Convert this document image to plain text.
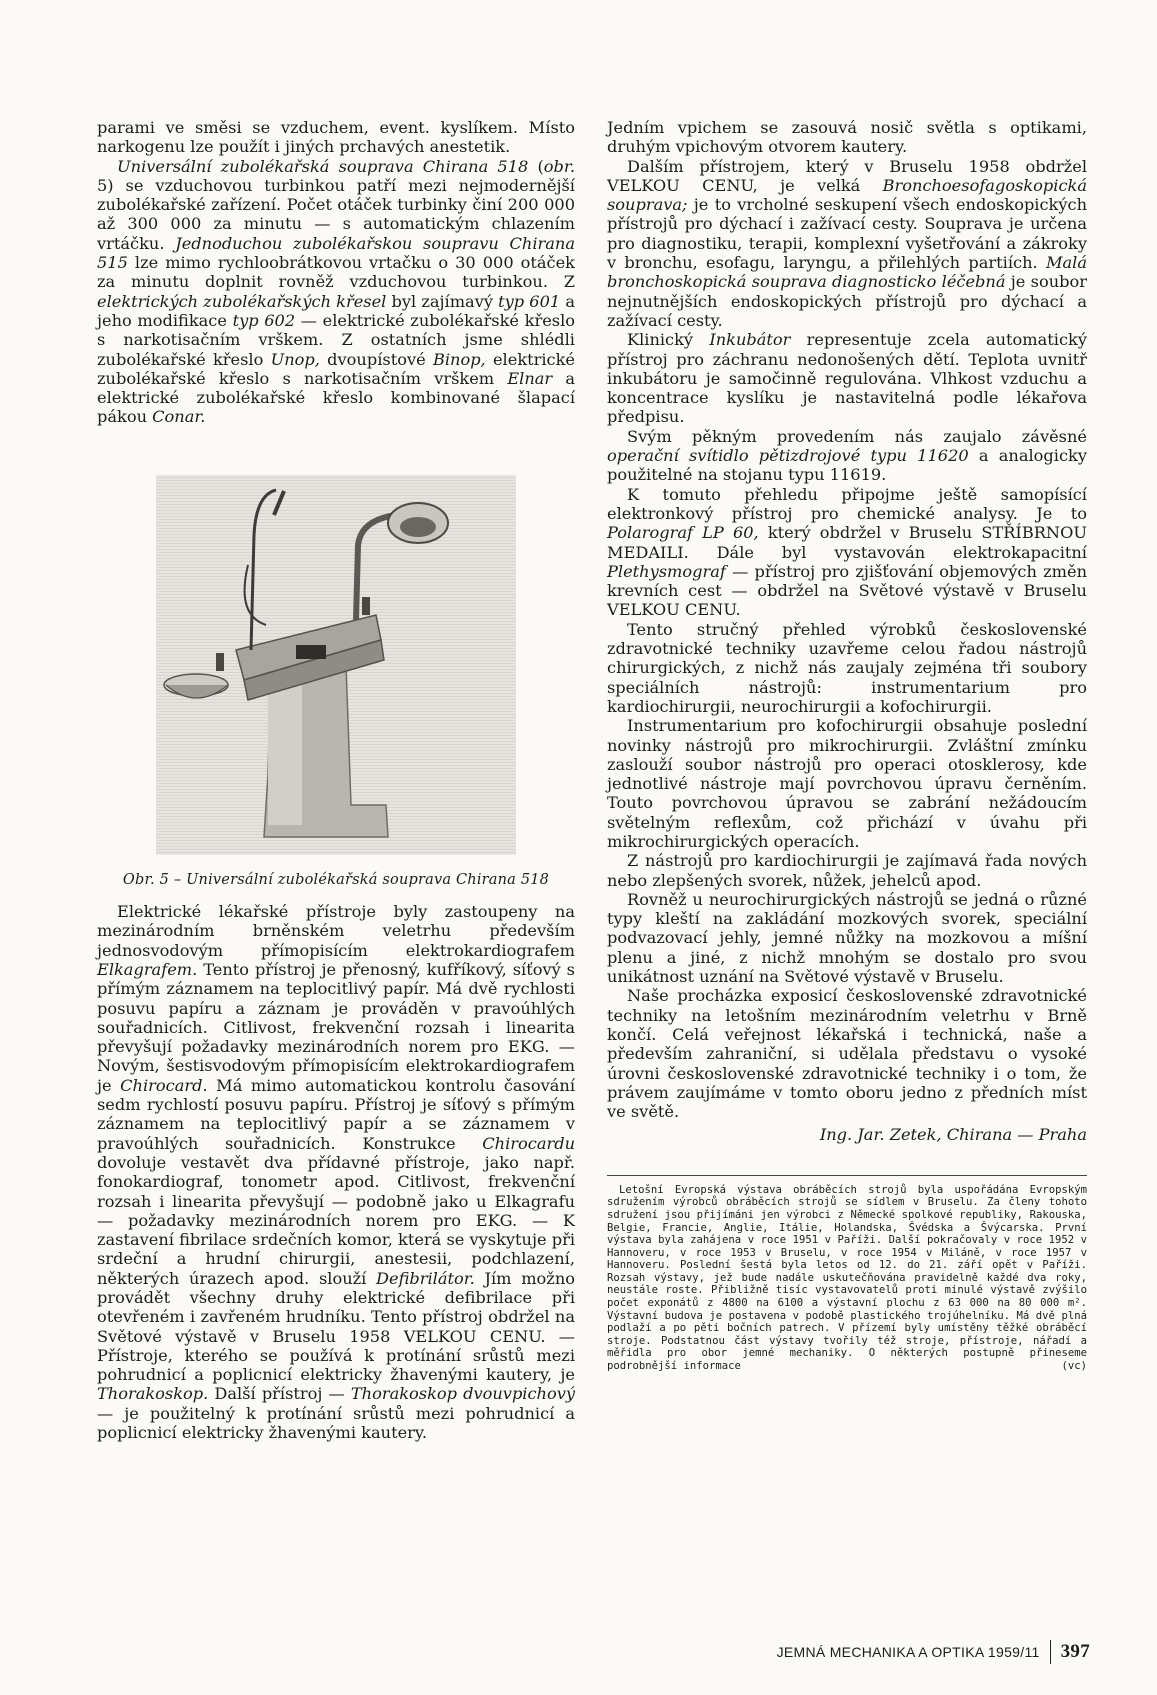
parami ve směsi se vzduchem, event. kyslíkem. Místo narkogenu lze použít i jiných prchavých anestetik.

Universální zubolékařská souprava Chirana 518 (obr. 5) se vzduchovou turbinkou patří mezi nejmodernější zubolékařské zařízení. Počet otáček turbinky činí 200 000 až 300 000 za minutu — s automatickým chlazením vrtáčku. Jednoduchou zubolékařskou soupravu Chirana 515 lze mimo rychloobrátkovou vrtačku o 30 000 otáček za minutu doplnit rovněž vzduchovou turbinkou. Z elektrických zubolékařských křesel byl zajímavý typ 601 a jeho modifikace typ 602 — elektrické zubolékařské křeslo s narkotisačním vrškem. Z ostatních jsme shlédli zubolékařské křeslo Unop, dvoupístové Binop, elektrické zubolékařské křeslo s narkotisačním vrškem Elnar a elektrické zubolékařské křeslo kombinované šlapací pákou Conar.

Obr. 5 – Universální zubolékařská souprava Chirana 518

Elektrické lékařské přístroje byly zastoupeny na mezinárodním brněnském veletrhu především jednosvodovým přímopisícím elektrokardiografem Elkagrafem. Tento přístroj je přenosný, kufříkový, síťový s přímým záznamem na teplocitlivý papír. Má dvě rychlosti posuvu papíru a záznam je prováděn v pravoúhlých souřadnicích. Citlivost, frekvenční rozsah i linearita převyšují požadavky mezinárodních norem pro EKG. — Novým, šestisvodovým přímopisícím elektrokardiografem je Chirocard. Má mimo automatickou kontrolu časování sedm rychlostí posuvu papíru. Přístroj je síťový s přímým záznamem na teplocitlivý papír a se záznamem v pravoúhlých souřadnicích. Konstrukce Chirocardu dovoluje vestavět dva přídavné přístroje, jako např. fonokardiograf, tonometr apod. Citlivost, frekvenční rozsah i linearita převyšují — podobně jako u Elkagrafu — požadavky mezinárodních norem pro EKG. — K zastavení fibrilace srdečních komor, která se vyskytuje při srdeční a hrudní chirurgii, anestesii, podchlazení, některých úrazech apod. slouží Defibrilátor. Jím možno provádět všechny druhy elektrické defibrilace při otevřeném i zavřeném hrudníku. Tento přístroj obdržel na Světové výstavě v Bruselu 1958 VELKOU CENU. — Přístroje, kterého se používá k protínání srůstů mezi pohrudnicí a poplicnicí elektricky žhavenými kautery, je Thorakoskop. Další přístroj — Thorakoskop dvouvpichový — je použitelný k protínání srůstů mezi pohrudnicí a poplicnicí elektricky žhavenými kautery.

Jedním vpichem se zasouvá nosič světla s optikami, druhým vpichovým otvorem kautery.

Dalším přístrojem, který v Bruselu 1958 obdržel VELKOU CENU, je velká Bronchoesofagoskopická souprava; je to vrcholné seskupení všech endoskopických přístrojů pro dýchací i zažívací cesty. Souprava je určena pro diagnostiku, terapii, komplexní vyšetřování a zákroky v bronchu, esofagu, laryngu, a přilehlých partiích. Malá bronchoskopická souprava diagnosticko léčebná je soubor nejnutnějších endoskopických přístrojů pro dýchací a zažívací cesty.

Klinický Inkubátor representuje zcela automatický přístroj pro záchranu nedonošených dětí. Teplota uvnitř inkubátoru je samočinně regulována. Vlhkost vzduchu a koncentrace kyslíku je nastavitelná podle lékařova předpisu.

Svým pěkným provedením nás zaujalo závěsné operační svítidlo pětizdrojové typu 11620 a analogicky použitelné na stojanu typu 11619.

K tomuto přehledu připojme ještě samopísící elektronkový přístroj pro chemické analysy. Je to Polarograf LP 60, který obdržel v Bruselu STŘÍBRNOU MEDAILI. Dále byl vystavován elektrokapacitní Plethysmograf — přístroj pro zjišťování objemových změn krevních cest — obdržel na Světové výstavě v Bruselu VELKOU CENU.

Tento stručný přehled výrobků československé zdravotnické techniky uzavřeme celou řadou nástrojů chirurgických, z nichž nás zaujaly zejména tři soubory speciálních nástrojů: instrumentarium pro kardiochirurgii, neurochirurgii a kofochirurgii.

Instrumentarium pro kofochirurgii obsahuje poslední novinky nástrojů pro mikrochirurgii. Zvláštní zmínku zaslouží soubor nástrojů pro operaci otosklerosy, kde jednotlivé nástroje mají povrchovou úpravu černěním. Touto povrchovou úpravou se zabrání nežádoucím světelným reflexům, což přichází v úvahu při mikrochirurgických operacích.

Z nástrojů pro kardiochirurgii je zajímavá řada nových nebo zlepšených svorek, nůžek, jehelců apod.

Rovněž u neurochirurgických nástrojů se jedná o různé typy kleští na zakládání mozkových svorek, speciální podvazovací jehly, jemné nůžky na mozkovou a míšní plenu a jiné, z nichž mnohým se dostalo pro svou unikátnost uznání na Světové výstavě v Bruselu.

Naše procházka exposicí československé zdravotnické techniky na letošním mezinárodním veletrhu v Brně končí. Celá veřejnost lékařská i technická, naše a především zahraniční, si udělala představu o vysoké úrovni československé zdravotnické techniky i o tom, že právem zaujímáme v tomto oboru jedno z předních míst ve světě.

Ing. Jar. Zetek, Chirana — Praha

Letošní Evropská výstava obráběcích strojů byla uspořádána Evropským sdružením výrobců obráběcích strojů se sídlem v Bruselu. Za členy tohoto sdružení jsou přijímáni jen výrobci z Německé spolkové republiky, Rakouska, Belgie, Francie, Anglie, Itálie, Holandska, Švédska a Švýcarska. První výstava byla zahájena v roce 1951 v Paříži. Další pokračovaly v roce 1952 v Hannoveru, v roce 1953 v Bruselu, v roce 1954 v Miláně, v roce 1957 v Hannoveru. Poslední šestá byla letos od 12. do 21. září opět v Paříži. Rozsah výstavy, jež bude nadále uskutečňována pravidelně každé dva roky, neustále roste. Přibližně tisíc vystavovatelů proti minulé výstavě zvýšilo počet exponátů z 4800 na 6100 a výstavní plochu z 63 000 na 80 000 m². Výstavní budova je postavena v podobě plastického trojúhelníku. Má dvě plná podlaží a po pěti bočních patrech. V přízemí byly umístěny těžké obráběcí stroje. Podstatnou část výstavy tvořily též stroje, přístroje, nářadí a měřidla pro obor jemné mechaniky. O některých postupně přineseme podrobnější informace	(vc)

JEMNÁ MECHANIKA A OPTIKA 1959/11 397
